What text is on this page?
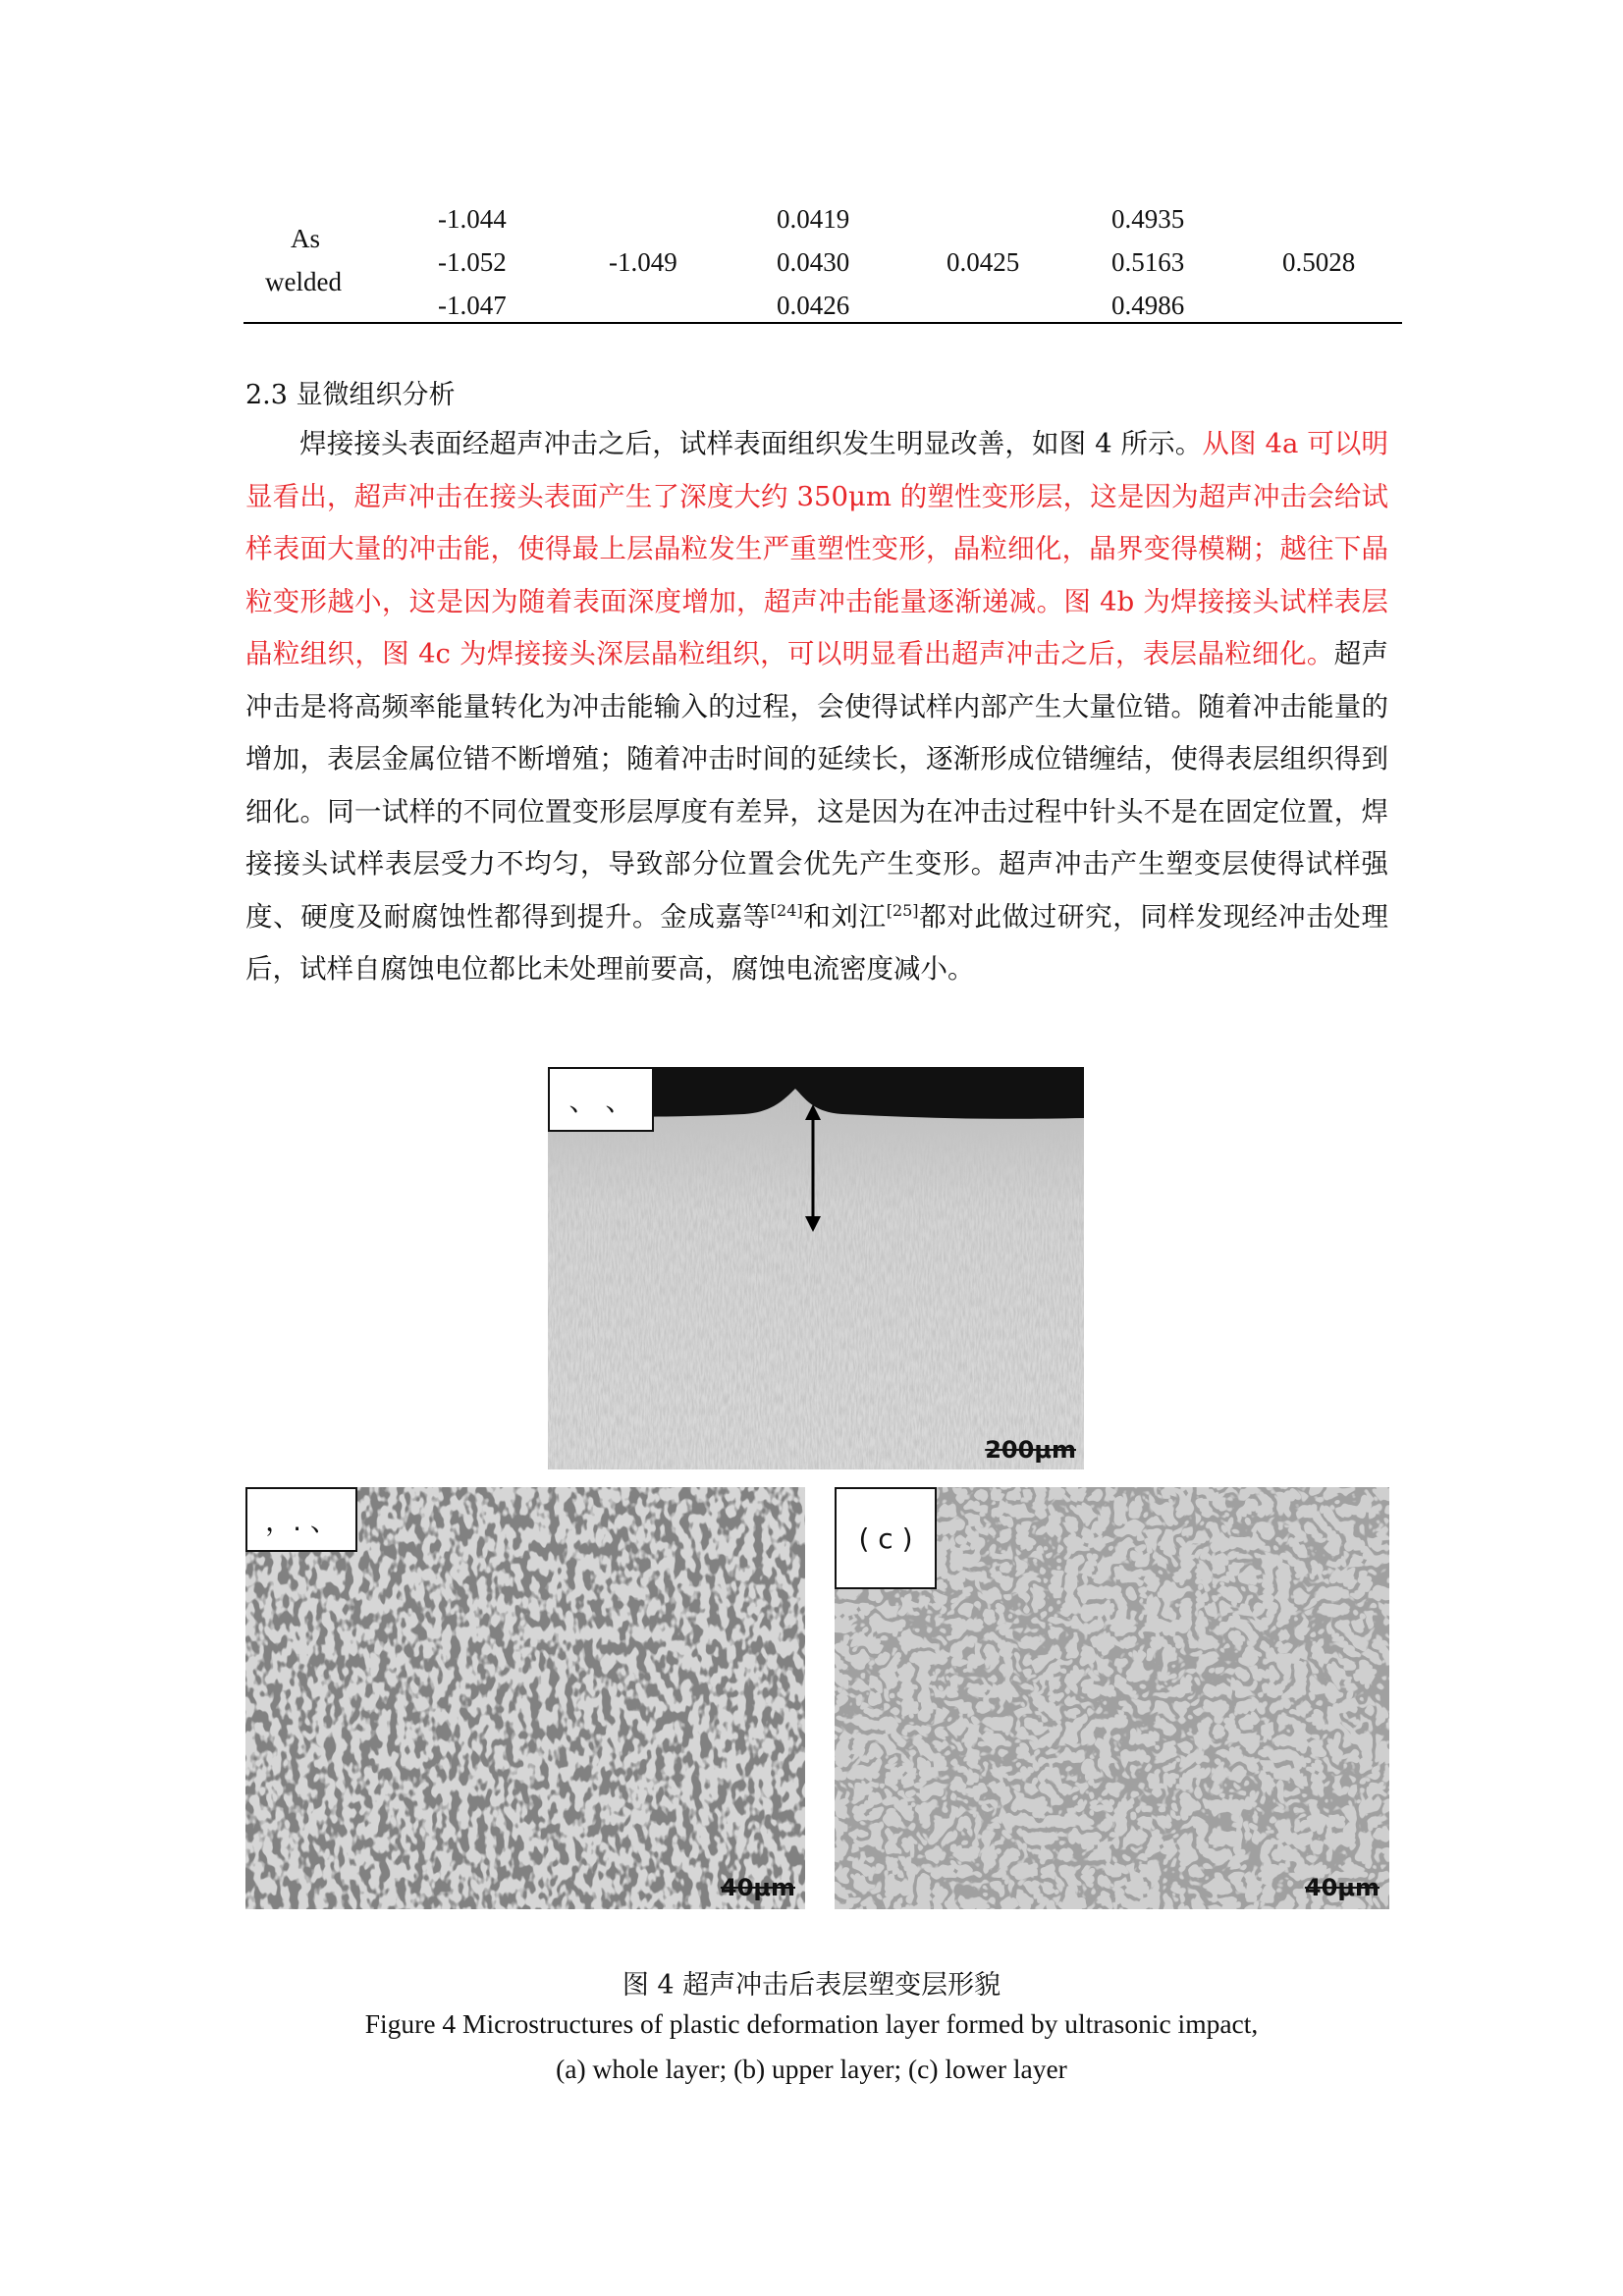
As
welded
-1.044
-1.052
-1.047
-1.049
0.0419
0.0430
0.0426
0.0425
0.4935
0.5163
0.4986
0.5028
2.3 显微组织分析
焊接接头表面经超声冲击之后，试样表面组织发生明显改善，如图 4 所示。从图 4a 可以明显看出，超声冲击在接头表面产生了深度大约 350μm 的塑性变形层，这是因为超声冲击会给试样表面大量的冲击能，使得最上层晶粒发生严重塑性变形，晶粒细化，晶界变得模糊；越往下晶粒变形越小，这是因为随着表面深度增加，超声冲击能量逐渐递减。图 4b 为焊接接头试样表层晶粒组织，图 4c 为焊接接头深层晶粒组织，可以明显看出超声冲击之后，表层晶粒细化。超声冲击是将高频率能量转化为冲击能输入的过程，会使得试样内部产生大量位错。随着冲击能量的增加，表层金属位错不断增殖；随着冲击时间的延续长，逐渐形成位错缠结，使得表层组织得到细化。同一试样的不同位置变形层厚度有差异，这是因为在冲击过程中针头不是在固定位置，焊接接头试样表层受力不均匀，导致部分位置会优先产生变形。超声冲击产生塑变层使得试样强度、硬度及耐腐蚀性都得到提升。金成嘉等[24]和刘江[25]都对此做过研究，同样发现经冲击处理后，试样自腐蚀电位都比未处理前要高，腐蚀电流密度减小。
、 、
200μm
，. 、
40μm
( c )
40μm
图 4 超声冲击后表层塑变层形貌
Figure 4 Microstructures of plastic deformation layer formed by ultrasonic impact,
(a) whole layer; (b) upper layer; (c) lower layer
